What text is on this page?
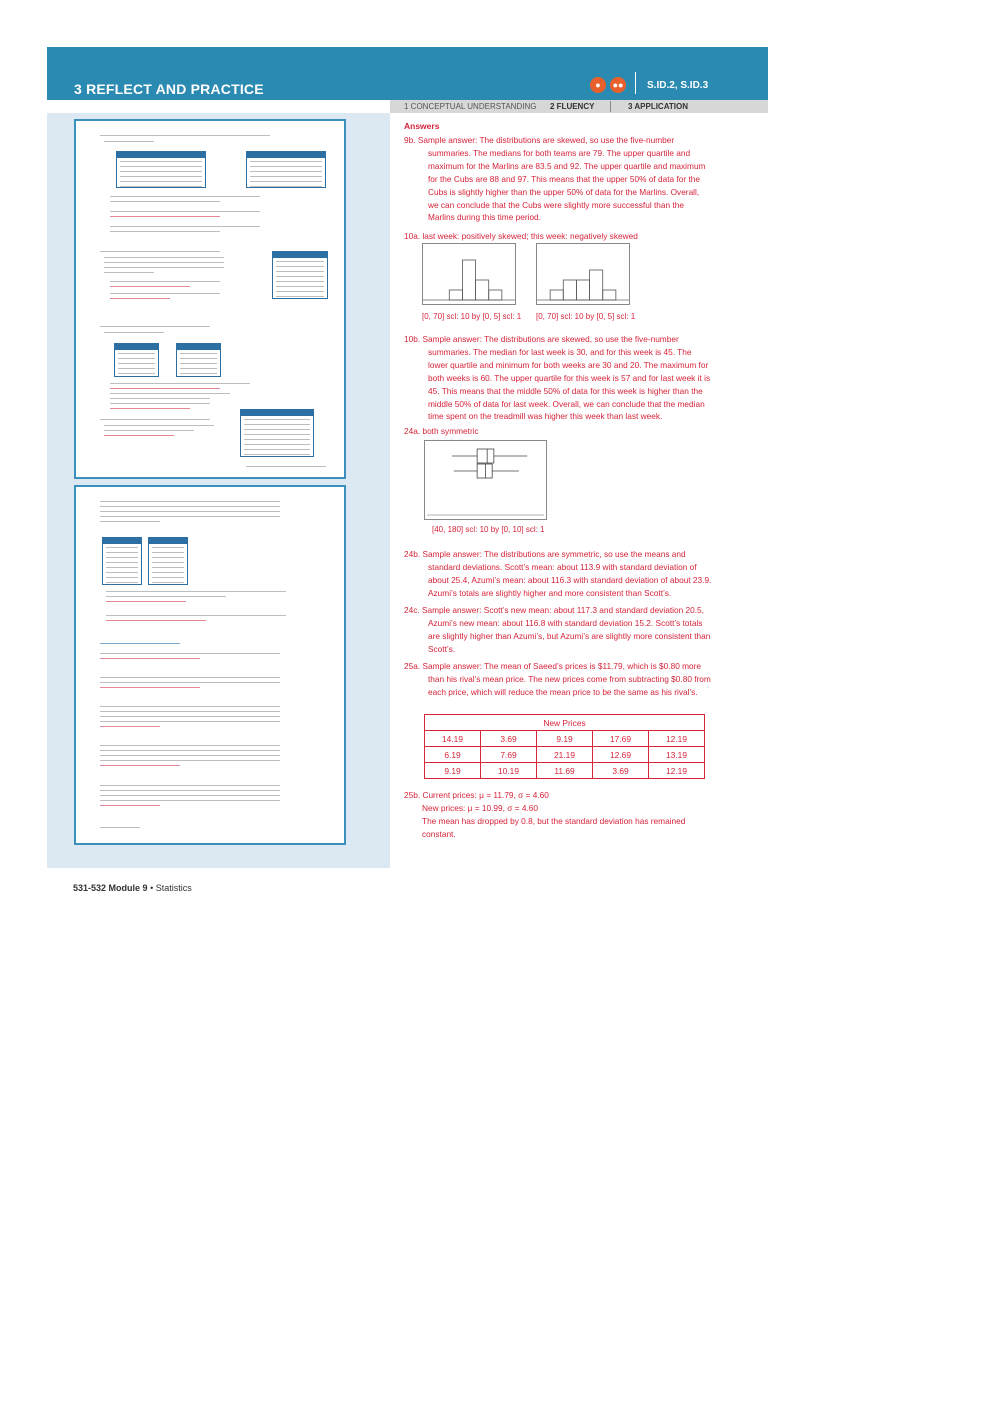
3 REFLECT AND PRACTICE	●	●● S.ID.2, S.ID.3
1 CONCEPTUAL UNDERSTANDING 2 FLUENCY	3 APPLICATION
531-532 Module 9 • Statistics
Answers
9b. Sample answer: The distributions are skewed, so use the five-number summaries. The medians for both teams are 79. The upper quartile and maximum for the Marlins are 83.5 and 92. The upper quartile and maximum for the Cubs are 88 and 97. This means that the upper 50% of data for the Cubs is slightly higher than the upper 50% of data for the Marlins. Overall, we can conclude that the Cubs were slightly more successful than the Marlins during this time period.
10a. last week: positively skewed; this week: negatively skewed
10b. Sample answer: The distributions are skewed, so use the five-number summaries. The median for last week is 30, and for this week is 45. The lower quartile and minimum for both weeks are 30 and 20. The maximum for both weeks is 60. The upper quartile for this week is 57 and for last week it is 45. This means that the middle 50% of data for this week is higher than the middle 50% of data for last week. Overall, we can conclude that the median time spent on the treadmill was higher this week than last week.
24a. both symmetric
24b. Sample answer: The distributions are symmetric, so use the means and standard deviations. Scott’s mean: about 113.9 with standard deviation of about 25.4, Azumi’s mean: about 116.3 with standard deviation of about 23.9. Azumi’s totals are slightly higher and more consistent than Scott’s.
24c. Sample answer: Scott’s new mean: about 117.3 and standard deviation 20.5, Azumi’s new mean: about 116.8 with standard deviation 15.2. Scott’s totals are slightly higher than Azumi’s, but Azumi’s are slightly more consistent than Scott’s.
25a. Sample answer: The mean of Saeed’s prices is $11.79, which is $0.80 more than his rival’s mean price. The new prices come from subtracting $0.80 from each price, which will reduce the mean price to be the same as his rival’s.
25b. Current prices: μ = 11.79, σ = 4.60
New prices: μ = 10.99, σ = 4.60
The mean has dropped by 0.8, but the standard deviation has remained constant.
[0, 70] scl: 10 by [0, 5] scl: 1 [0, 70] scl: 10 by [0, 5] scl: 1
[40, 180] scl: 10 by [0, 10] scl: 1
New Prices				
14.19	3.69	9.19	17.69	12.19
6.19	7.69	21.19	12.69	13.19
9.19	10.19	11.69	3.69	12.19
